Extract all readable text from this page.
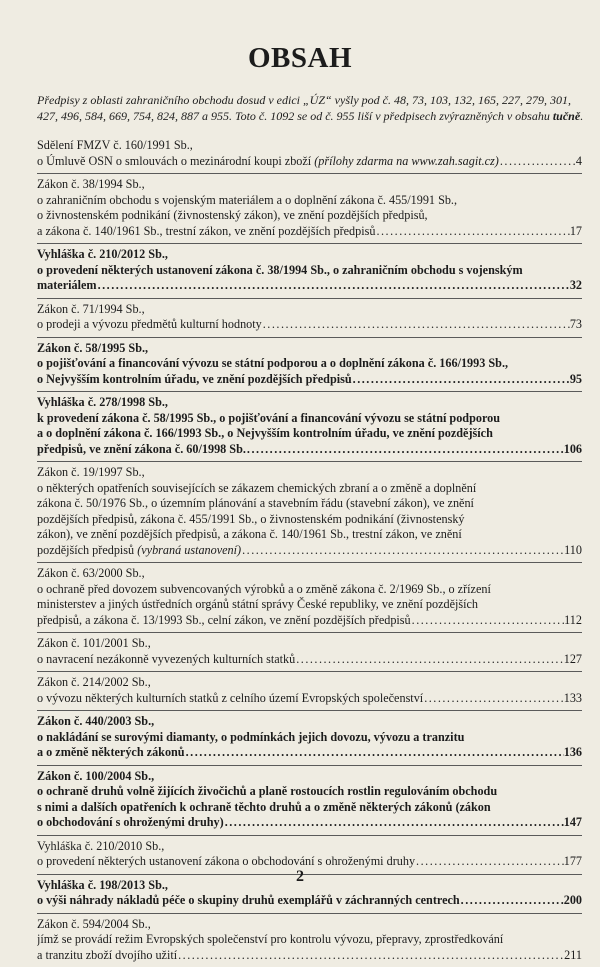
OBSAH
Předpisy z oblasti zahraničního obchodu dosud v edici „ÚZ“ vyšly pod č. 48, 73, 103, 132, 165, 227, 279, 301, 427, 496, 584, 669, 754, 824, 887 a 955. Toto č. 1092 se od č. 955 liší v předpisech zvýrazněných v obsahu tučně.
Sdělení FMZV č. 160/1991 Sb.,
o Úmluvě OSN o smlouvách o mezinárodní koupi zboží (přílohy zdarma na www.zah.sagit.cz) .....	4
Zákon č. 38/1994 Sb.,
o zahraničním obchodu s vojenským materiálem a o doplnění zákona č. 455/1991 Sb.,
o živnostenském podnikání (živnostenský zákon), ve znění pozdějších předpisů,
a zákona č. 140/1961 Sb., trestní zákon, ve znění pozdějších předpisů .....	17
Vyhláška č. 210/2012 Sb.,
o provedení některých ustanovení zákona č. 38/1994 Sb., o zahraničním obchodu s vojenským
materiálem .....	32
Zákon č. 71/1994 Sb.,
o prodeji a vývozu předmětů kulturní hodnoty .....	73
Zákon č. 58/1995 Sb.,
o pojišťování a financování vývozu se státní podporou a o doplnění zákona č. 166/1993 Sb.,
o Nejvyšším kontrolním úřadu, ve znění pozdějších předpisů .....	95
Vyhláška č. 278/1998 Sb.,
k provedení zákona č. 58/1995 Sb., o pojišťování a financování vývozu se státní podporou
a o doplnění zákona č. 166/1993 Sb., o Nejvyšším kontrolním úřadu, ve znění pozdějších
předpisů, ve znění zákona č. 60/1998 Sb. .....	106
Zákon č. 19/1997 Sb.,
o některých opatřeních souvisejících se zákazem chemických zbraní a o změně a doplnění
zákona č. 50/1976 Sb., o územním plánování a stavebním řádu (stavební zákon), ve znění
pozdějších předpisů, zákona č. 455/1991 Sb., o živnostenském podnikání (živnostenský
zákon), ve znění pozdějších předpisů, a zákona č. 140/1961 Sb., trestní zákon, ve znění
pozdějších předpisů (vybraná ustanovení) .....	110
Zákon č. 63/2000 Sb.,
o ochraně před dovozem subvencovaných výrobků a o změně zákona č. 2/1969 Sb., o zřízení
ministerstev a jiných ústředních orgánů státní správy České republiky, ve znění pozdějších
předpisů, a zákona č. 13/1993 Sb., celní zákon, ve znění pozdějších předpisů .....	112
Zákon č. 101/2001 Sb.,
o navracení nezákonně vyvezených kulturních statků .....	127
Zákon č. 214/2002 Sb.,
o vývozu některých kulturních statků z celního území Evropských společenství .....	133
Zákon č. 440/2003 Sb.,
o nakládání se surovými diamanty, o podmínkách jejich dovozu, vývozu a tranzitu
a o změně některých zákonů .....	136
Zákon č. 100/2004 Sb.,
o ochraně druhů volně žijících živočichů a planě rostoucích rostlin regulováním obchodu
s nimi a dalších opatřeních k ochraně těchto druhů a o změně některých zákonů (zákon
o obchodování s ohroženými druhy) .....	147
Vyhláška č. 210/2010 Sb.,
o provedení některých ustanovení zákona o obchodování s ohroženými druhy .....	177
Vyhláška č. 198/2013 Sb.,
o výši náhrady nákladů péče o skupiny druhů exemplářů v záchranných centrech .....	200
Zákon č. 594/2004 Sb.,
jímž se provádí režim Evropských společenství pro kontrolu vývozu, přepravy, zprostředkování
a tranzitu zboží dvojího užití .....	211
2
